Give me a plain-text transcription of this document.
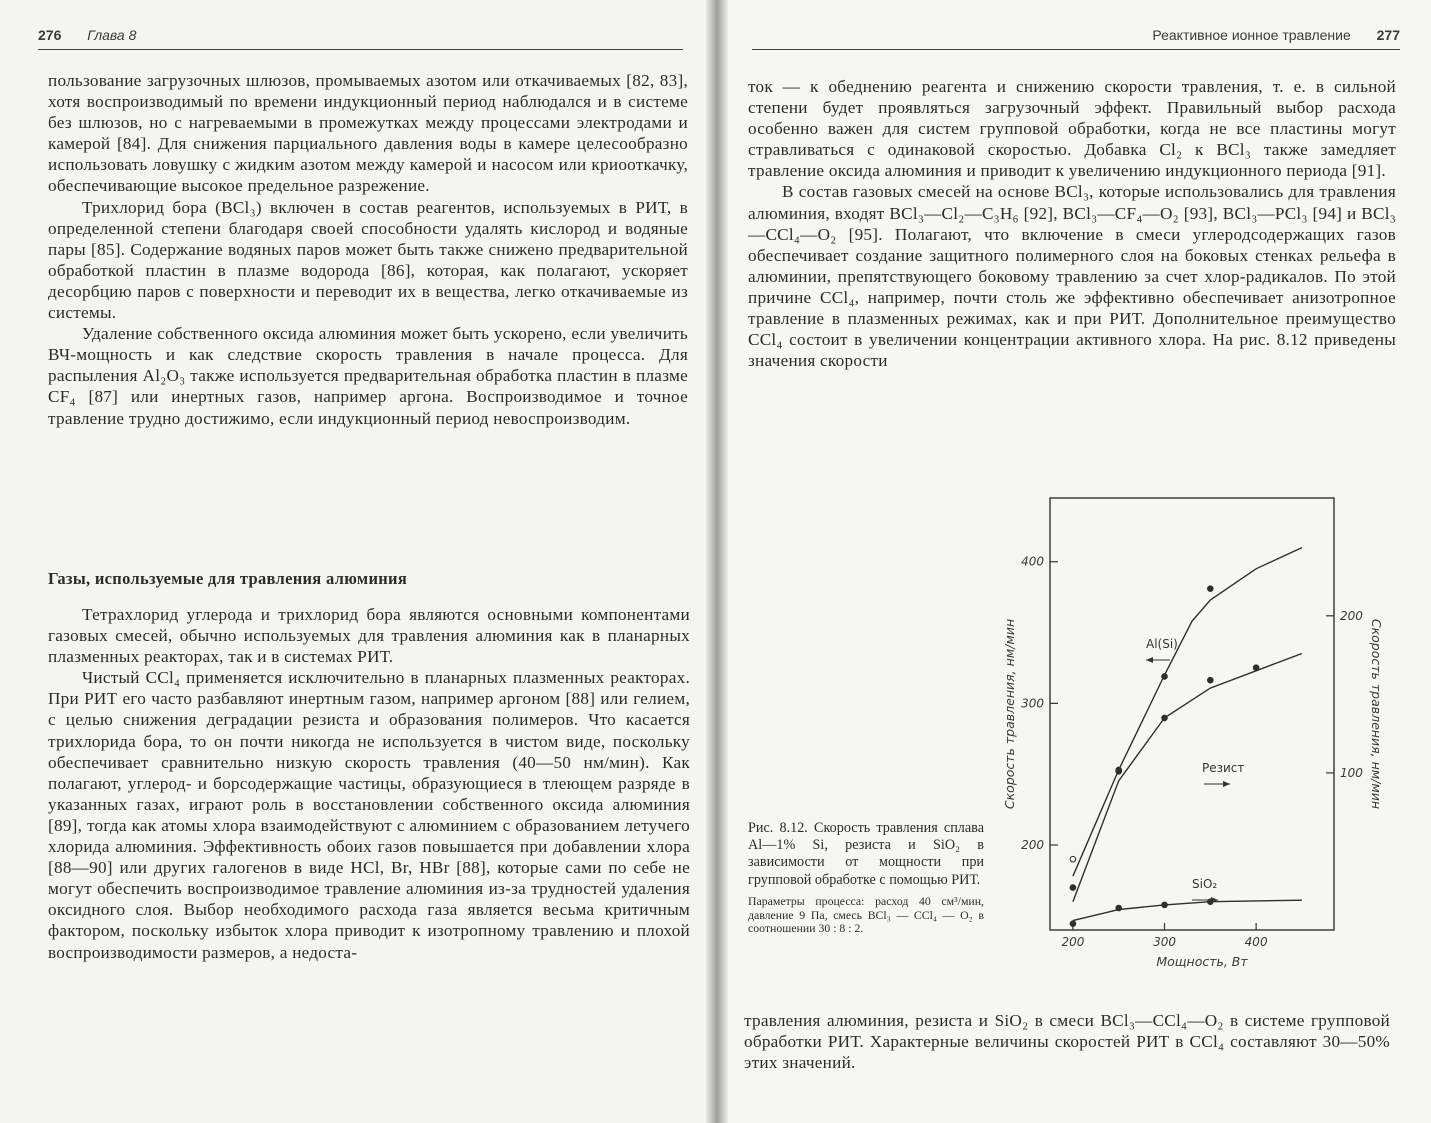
276 Глава 8

пользование загрузочных шлюзов, промываемых азотом или откачиваемых [82, 83], хотя воспроизводимый по времени индукционный период наблюдался и в системе без шлюзов, но с нагреваемыми в промежутках между процессами электродами и камерой [84]. Для снижения парциального давления воды в камере целесообразно использовать ловушку с жидким азотом между камерой и насосом или криооткачку, обеспечивающие высокое предельное разрежение.

Трихлорид бора (BCl₃) включен в состав реагентов, используемых в РИТ, в определенной степени благодаря своей способности удалять кислород и водяные пары [85]. Содержание водяных паров может быть также снижено предварительной обработкой пластин в плазме водорода [86], которая, как полагают, ускоряет десорбцию паров с поверхности и переводит их в вещества, легко откачиваемые из системы.

Удаление собственного оксида алюминия может быть ускорено, если увеличить ВЧ-мощность и как следствие скорость травления в начале процесса. Для распыления Al₂O₃ также используется предварительная обработка пластин в плазме CF₄ [87] или инертных газов, например аргона. Воспроизводимое и точное травление трудно достижимо, если индукционный период невоспроизводим.

Газы, используемые для травления алюминия

Тетрахлорид углерода и трихлорид бора являются основными компонентами газовых смесей, обычно используемых для травления алюминия как в планарных плазменных реакторах, так и в системах РИТ.

Чистый CCl₄ применяется исключительно в планарных плазменных реакторах. При РИТ его часто разбавляют инертным газом, например аргоном [88] или гелием, с целью снижения деградации резиста и образования полимеров. Что касается трихлорида бора, то он почти никогда не используется в чистом виде, поскольку обеспечивает сравнительно низкую скорость травления (40—50 нм/мин). Как полагают, углерод- и борсодержащие частицы, образующиеся в тлеющем разряде в указанных газах, играют роль в восстановлении собственного оксида алюминия [89], тогда как атомы хлора взаимодействуют с алюминием с образованием летучего хлорида алюминия. Эффективность обоих газов повышается при добавлении хлора [88—90] или других галогенов в виде HCl, Br, HBr [88], которые сами по себе не могут обеспечить воспроизводимое травление алюминия из-за трудностей удаления оксидного слоя. Выбор необходимого расхода газа является весьма критичным фактором, поскольку избыток хлора приводит к изотропному травлению и плохой воспроизводимости размеров, а недоста-

Реактивное ионное травление 277

ток — к обеднению реагента и снижению скорости травления, т. е. в сильной степени будет проявляться загрузочный эффект. Правильный выбор расхода особенно важен для систем групповой обработки, когда не все пластины могут стравливаться с одинаковой скоростью. Добавка Cl₂ к BCl₃ также замедляет травление оксида алюминия и приводит к увеличению индукционного периода [91].

В состав газовых смесей на основе BCl₃, которые использовались для травления алюминия, входят BCl₃—Cl₂—C₃H₆ [92], BCl₃—CF₄—O₂ [93], BCl₃—PCl₃ [94] и BCl₃—CCl₄—O₂ [95]. Полагают, что включение в смеси углеродсодержащих газов обеспечивает создание защитного полимерного слоя на боковых стенках рельефа в алюминии, препятствующего боковому травлению за счет хлор-радикалов. По этой причине CCl₄, например, почти столь же эффективно обеспечивает анизотропное травление в плазменных режимах, как и при РИТ. Дополнительное преимущество CCl₄ состоит в увеличении концентрации активного хлора. На рис. 8.12 приведены значения скорости

Рис. 8.12. Скорость травления сплава Al—1% Si, резиста и SiO₂ в зависимости от мощности при групповой обработке с помощью РИТ.

Параметры процесса: расход 40 см³/мин, давление 9 Па, смесь BCl₃ — CCl₄ — O₂ в соотношении 30 : 8 : 2.

200	300	400
200
300
400
100
200
Мощность, Вт
Скорость травления, нм/мин	Скорость травления, нм/мин
Al(Si)
Резист
SiO₂

травления алюминия, резиста и SiO₂ в смеси BCl₃—CCl₄—O₂ в системе групповой обработки РИТ. Характерные величины скоростей РИТ в CCl₄ составляют 30—50% этих значений.
